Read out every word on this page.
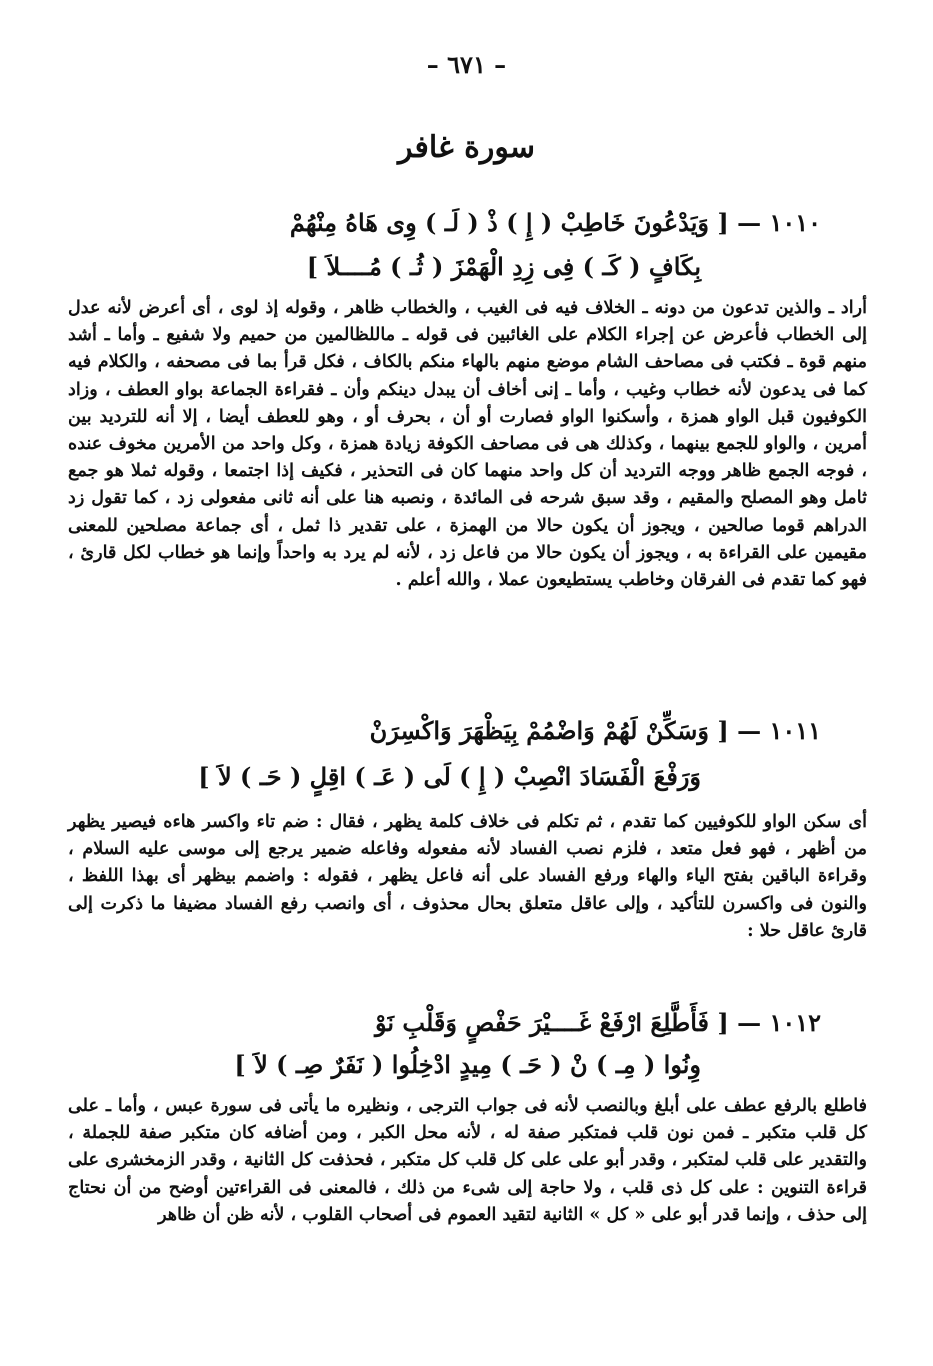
– ٦٧١ –
سورة غافر
١٠١٠ — [ وَيَدْعُونَ خَاطِبْ ( إِ ) ذْ ( لَـ ) وِى هَاهُ مِنْهُمْ
بِكَافٍ ( كَـ ) فِى زِدِ الْهَمْزَ ( ثُـ ) مُــــلاَ ]

أراد ـ والذين تدعون من دونه ـ الخلاف فيه فى الغيب ، والخطاب ظاهر ، وقوله إذ لوى ، أى أعرض لأنه عدل إلى الخطاب فأعرض عن إجراء الكلام على الغائبين فى قوله ـ ماللظالمين من حميم ولا شفيع ـ وأما ـ أشد منهم قوة ـ فكتب فى مصاحف الشام موضع منهم بالهاء منكم بالكاف ، فكل قرأ بما فى مصحفه ، والكلام فيه كما فى يدعون لأنه خطاب وغيب ، وأما ـ إنى أخاف أن يبدل دينكم وأن ـ فقراءة الجماعة بواو العطف ، وزاد الكوفيون قبل الواو همزة ، وأسكنوا الواو فصارت أو أن ، بحرف أو ، وهو للعطف أيضا ، إلا أنه للترديد بين أمرين ، والواو للجمع بينهما ، وكذلك هى فى مصاحف الكوفة زيادة همزة ، وكل واحد من الأمرين مخوف عنده ، فوجه الجمع ظاهر ووجه الترديد أن كل واحد منهما كان فى التحذير ، فكيف إذا اجتمعا ، وقوله ثملا هو جمع ثامل وهو المصلح والمقيم ، وقد سبق شرحه فى المائدة ، ونصبه هنا على أنه ثانى مفعولى زد ، كما تقول زد الدراهم قوما صالحين ، ويجوز أن يكون حالا من الهمزة ، على تقدير ذا ثمل ، أى جماعة مصلحين للمعنى مقيمين على القراءة به ، ويجوز أن يكون حالا من فاعل زد ، لأنه لم يرد به واحداً وإنما هو خطاب لكل قارئ ، فهو كما تقدم فى الفرقان وخاطب يستطيعون عملا ، والله أعلم .

١٠١١ — [ وَسَكِّنْ لَهُمْ وَاضْمُمْ بِيَظْهَرَ وَاكْسِرَنْ
وَرَفْعَ الْفَسَادَ انْصِبْ ( إِ ) لَى ( عَـ ) اقِلٍ ( حَـ ) لاَ ]

أى سكن الواو للكوفيين كما تقدم ، ثم تكلم فى خلاف كلمة يظهر ، فقال : ضم تاء واكسر هاءه فيصير يظهر من أظهر ، فهو فعل متعد ، فلزم نصب الفساد لأنه مفعوله وفاعله ضمير يرجع إلى موسى عليه السلام ، وقراءة الباقين بفتح الياء والهاء ورفع الفساد على أنه فاعل يظهر ، فقوله : واضمم بيظهر أى بهذا اللفظ ، والنون فى واكسرن للتأكيد ، وإلى عاقل متعلق بحال محذوف ، أى وانصب رفع الفساد مضيفا ما ذكرت إلى قارئ عاقل حلا :

١٠١٢ — [ فَأَطَّلِعَ ارْفَعْ غَــــيْرَ حَفْصٍ وَقَلْبِ نَوْ
وِنُوا ( مِـ ) نْ ( حَـ ) مِيدٍ ادْخِلُوا ( نَفَرٌ صِـ ) لاَ ]

فاطلع بالرفع عطف على أبلغ وبالنصب لأنه فى جواب الترجى ، ونظيره ما يأتى فى سورة عبس ، وأما ـ على كل قلب متكبر ـ فمن نون قلب فمتكبر صفة له ، لأنه محل الكبر ، ومن أضافه كان متكبر صفة للجملة ، والتقدير على قلب لمتكبر ، وقدر أبو على على كل قلب كل متكبر ، فحذفت كل الثانية ، وقدر الزمخشرى على قراءة التنوين : على كل ذى قلب ، ولا حاجة إلى شىء من ذلك ، فالمعنى فى القراءتين أوضح من أن نحتاج إلى حذف ، وإنما قدر أبو على « كل » الثانية لتقيد العموم فى أصحاب القلوب ، لأنه ظن أن ظاهر
